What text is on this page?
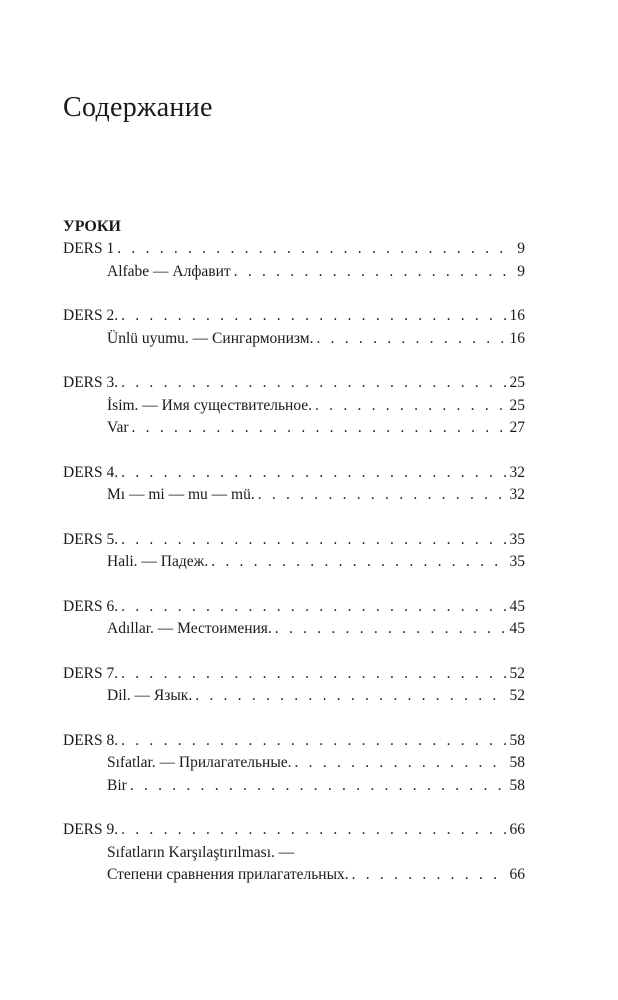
Содержание
УРОКИ
DERS 1 . . .	9
Alfabe — Алфавит . . .	9
DERS 2. . . .	16
Ünlü uyumu. — Сингармонизм. . . .	16
DERS 3. . . .	25
İsim. — Имя существительное. . . .	25
Var . . .	27
DERS 4. . . .	32
Mı — mi — mu — mü. . . .	32
DERS 5. . . .	35
Hali. — Падеж. . . .	35
DERS 6. . . .	45
Adıllar. — Местоимения. . . .	45
DERS 7. . . .	52
Dil. — Язык. . . .	52
DERS 8. . . .	58
Sıfatlar. — Прилагательные. . . .	58
Bir . . .	58
DERS 9. . . .	66
Sıfatların Karşılaştırılması. —
Степени сравнения прилагательных. . . .	66
